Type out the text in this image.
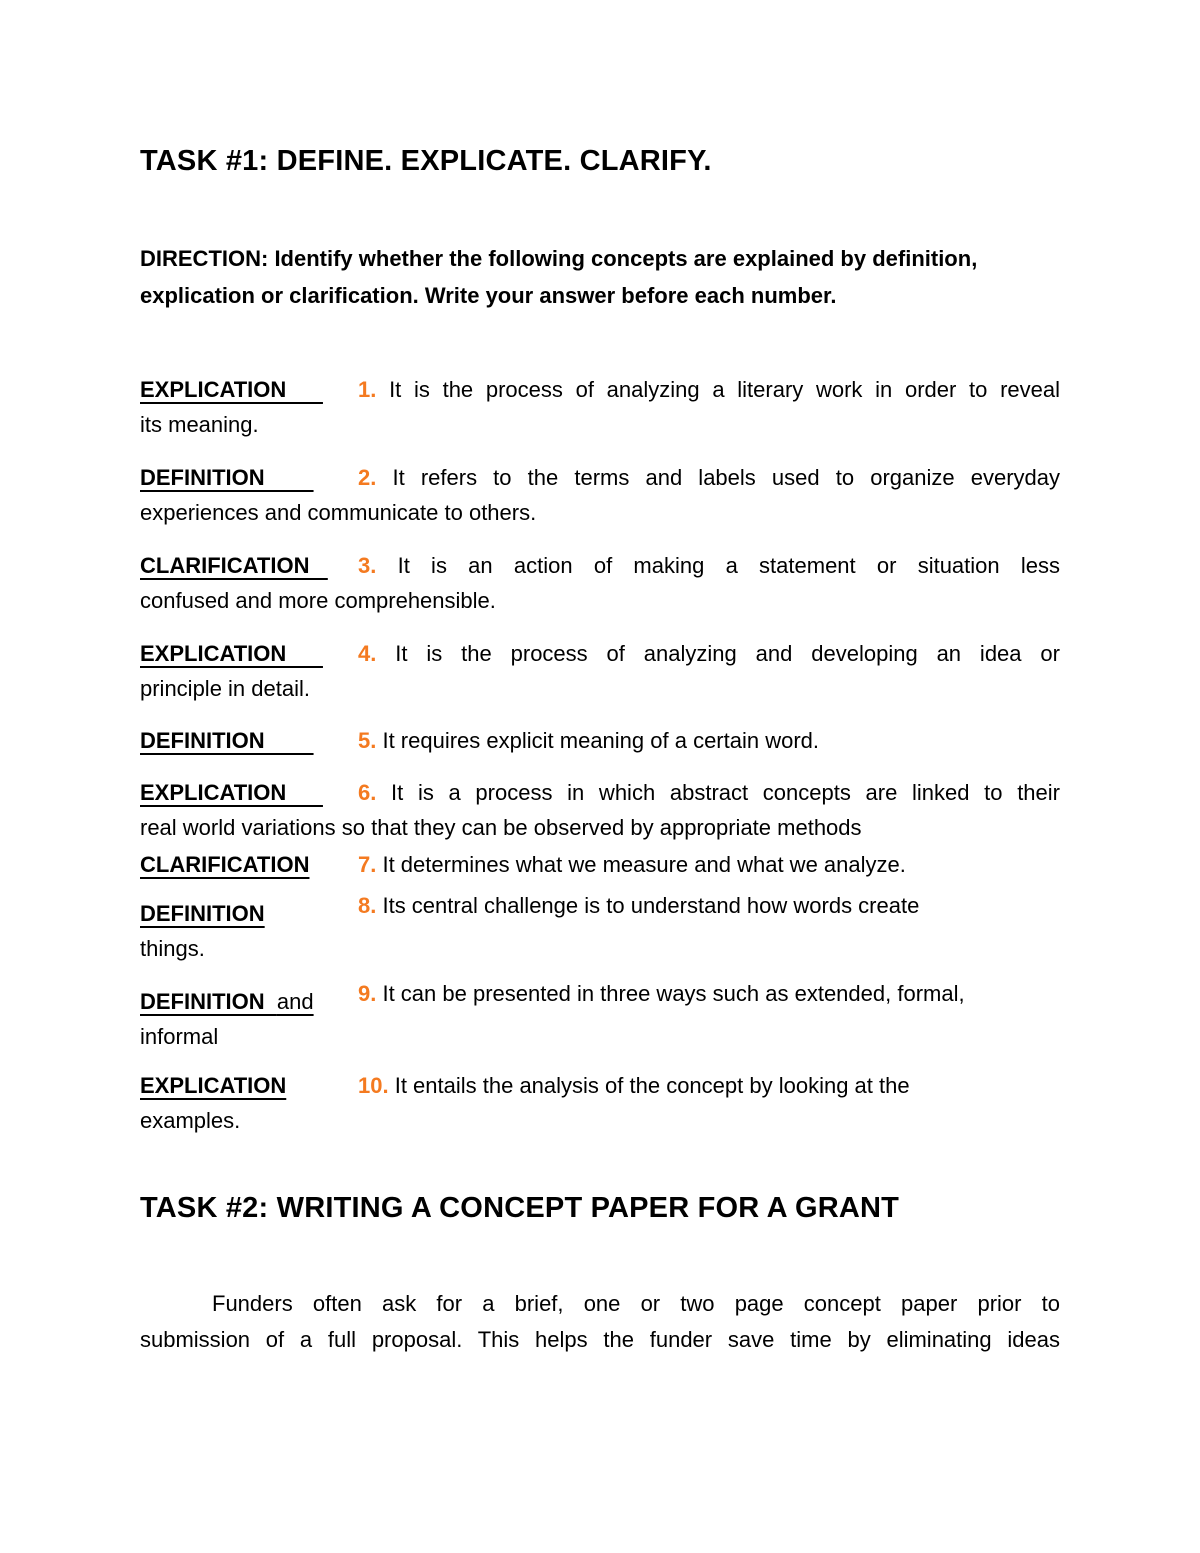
TASK #1: DEFINE. EXPLICATE. CLARIFY.
DIRECTION: Identify whether the following concepts are explained by definition,
explication or clarification. Write your answer before each number.
EXPLICATION 1. It is the process of analyzing a literary work in order to reveal
its meaning.
DEFINITION 2. It refers to the terms and labels used to organize everyday
experiences and communicate to others.
CLARIFICATION 3. It is an action of making a statement or situation less
confused and more comprehensible.
EXPLICATION 4. It is the process of analyzing and developing an idea or
principle in detail.
DEFINITION 5. It requires explicit meaning of a certain word.
EXPLICATION 6. It is a process in which abstract concepts are linked to their
real world variations so that they can be observed by appropriate methods
CLARIFICATION 7. It determines what we measure and what we analyze.
DEFINITION	8. Its central challenge is to understand how words create
things.
DEFINITION  and 9. It can be presented in three ways such as extended, formal,
informal
EXPLICATION	10. It entails the analysis of the concept by looking at the
examples.
TASK #2: WRITING A CONCEPT PAPER FOR A GRANT
Funders often ask for a brief, one or two page concept paper prior to
submission of a full proposal. This helps the funder save time by eliminating ideas
